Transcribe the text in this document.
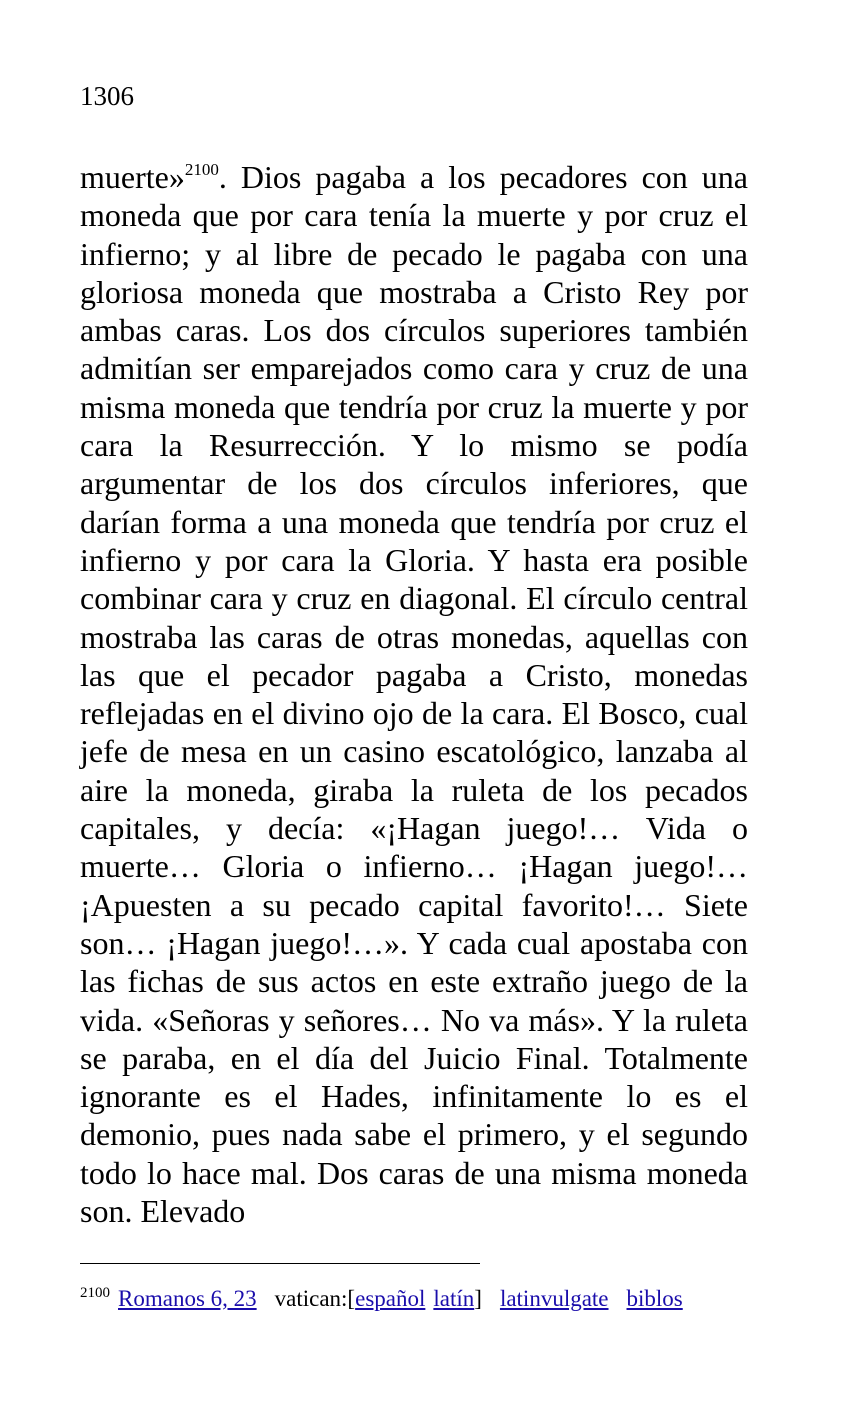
1306

muerte»$^{2100}$. Dios pagaba a los pecadores con una moneda que por cara tenía la muerte y por cruz el infierno; y al libre de pecado le pagaba con una gloriosa moneda que mostraba a Cristo Rey por ambas caras. Los dos círculos superiores también admitían ser emparejados como cara y cruz de una misma moneda que tendría por cruz la muerte y por cara la Resurrección. Y lo mismo se podía argumentar de los dos círculos inferiores, que darían forma a una moneda que tendría por cruz el infierno y por cara la Gloria. Y hasta era posible combinar cara y cruz en diagonal. El círculo central mostraba las caras de otras monedas, aquellas con las que el pecador pagaba a Cristo, monedas reflejadas en el divino ojo de la cara. El Bosco, cual jefe de mesa en un casino escatológico, lanzaba al aire la moneda, giraba la ruleta de los pecados capitales, y decía: «¡Hagan juego!… Vida o muerte… Gloria o infierno… ¡Hagan juego!… ¡Apuesten a su pecado capital favorito!… Siete son… ¡Hagan juego!…». Y cada cual apostaba con las fichas de sus actos en este extraño juego de la vida. «Señoras y señores… No va más». Y la ruleta se paraba, en el día del Juicio Final. Totalmente ignorante es el Hades, infinitamente lo es el demonio, pues nada sabe el primero, y el segundo todo lo hace mal. Dos caras de una misma moneda son. Elevado

$^{2100}$ Romanos 6, 23 vatican:[español latín] latinvulgate biblos
